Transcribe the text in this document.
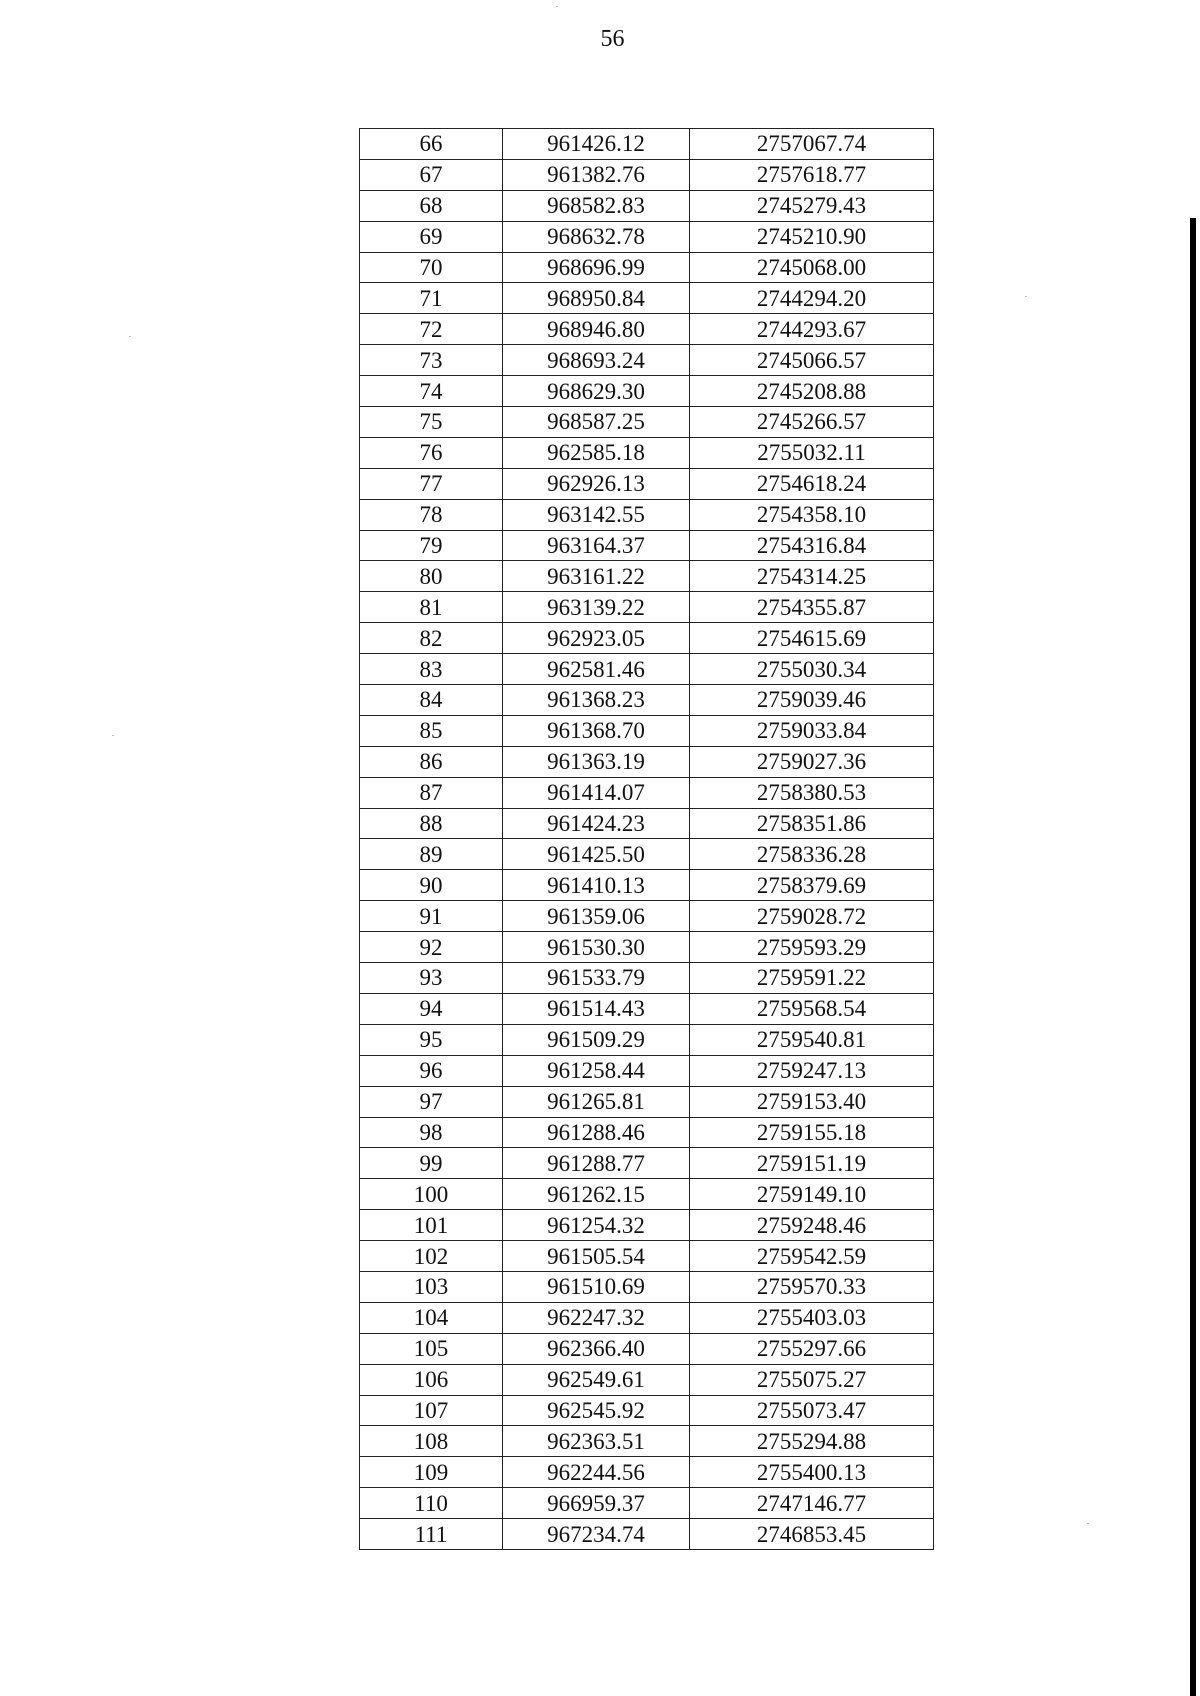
56
66	961426.12	2757067.74
67	961382.76	2757618.77
68	968582.83	2745279.43
69	968632.78	2745210.90
70	968696.99	2745068.00
71	968950.84	2744294.20
72	968946.80	2744293.67
73	968693.24	2745066.57
74	968629.30	2745208.88
75	968587.25	2745266.57
76	962585.18	2755032.11
77	962926.13	2754618.24
78	963142.55	2754358.10
79	963164.37	2754316.84
80	963161.22	2754314.25
81	963139.22	2754355.87
82	962923.05	2754615.69
83	962581.46	2755030.34
84	961368.23	2759039.46
85	961368.70	2759033.84
86	961363.19	2759027.36
87	961414.07	2758380.53
88	961424.23	2758351.86
89	961425.50	2758336.28
90	961410.13	2758379.69
91	961359.06	2759028.72
92	961530.30	2759593.29
93	961533.79	2759591.22
94	961514.43	2759568.54
95	961509.29	2759540.81
96	961258.44	2759247.13
97	961265.81	2759153.40
98	961288.46	2759155.18
99	961288.77	2759151.19
100	961262.15	2759149.10
101	961254.32	2759248.46
102	961505.54	2759542.59
103	961510.69	2759570.33
104	962247.32	2755403.03
105	962366.40	2755297.66
106	962549.61	2755075.27
107	962545.92	2755073.47
108	962363.51	2755294.88
109	962244.56	2755400.13
110	966959.37	2747146.77
111	967234.74	2746853.45
